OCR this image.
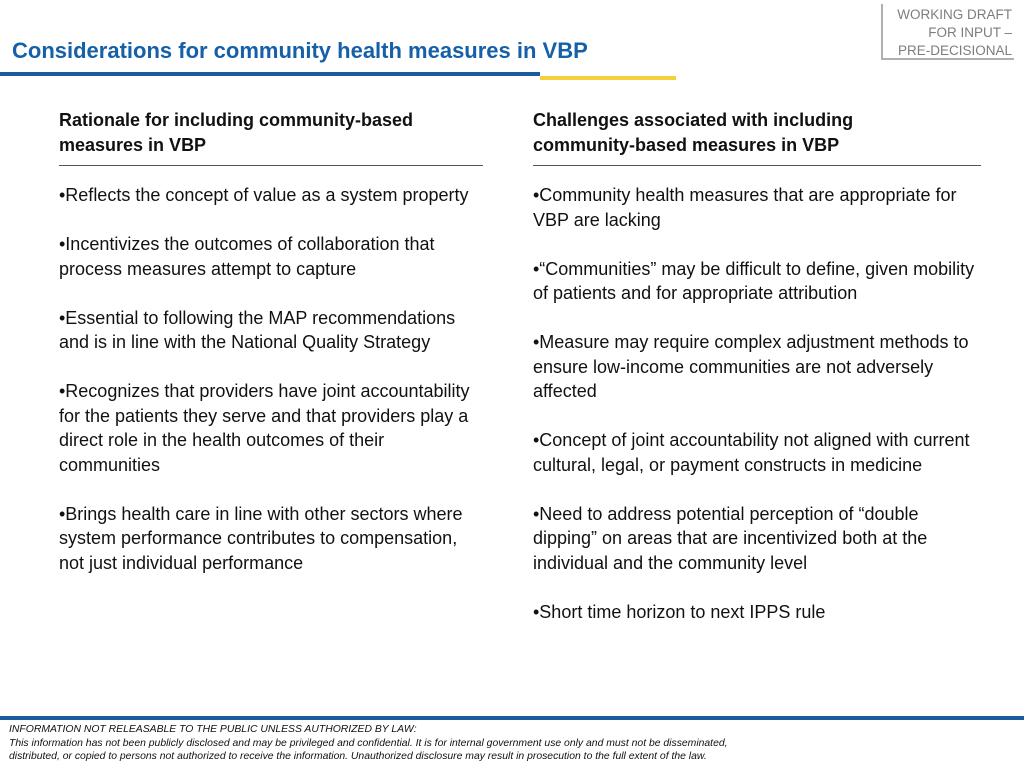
Considerations for community health measures in VBP
WORKING DRAFT
FOR INPUT –
PRE-DECISIONAL

Rationale for including community-based
measures in VBP

•Reflects the concept of value as a system property
•Incentivizes the outcomes of collaboration that process measures attempt to capture
•Essential to following the MAP recommendations and is in line with the National Quality Strategy
•Recognizes that providers have joint accountability for the patients they serve and that providers play a direct role in the health outcomes of their communities
•Brings health care in line with other sectors where system performance contributes to compensation, not just individual performance

Challenges associated with including
community-based measures in VBP

•Community health measures that are appropriate for VBP are lacking
•“Communities” may be difficult to define, given mobility of patients and for appropriate attribution
•Measure may require complex adjustment methods to ensure low-income communities are not adversely affected
•Concept of joint accountability not aligned with current cultural, legal, or payment constructs in medicine
•Need to address potential perception of “double dipping” on areas that are incentivized both at the individual and the community level
•Short time horizon to next IPPS rule
INFORMATION NOT RELEASABLE TO THE PUBLIC UNLESS AUTHORIZED BY LAW:
This information has not been publicly disclosed and may be privileged and confidential. It is for internal government use only and must not be disseminated,
distributed, or copied to persons not authorized to receive the information. Unauthorized disclosure may result in prosecution to the full extent of the law.
